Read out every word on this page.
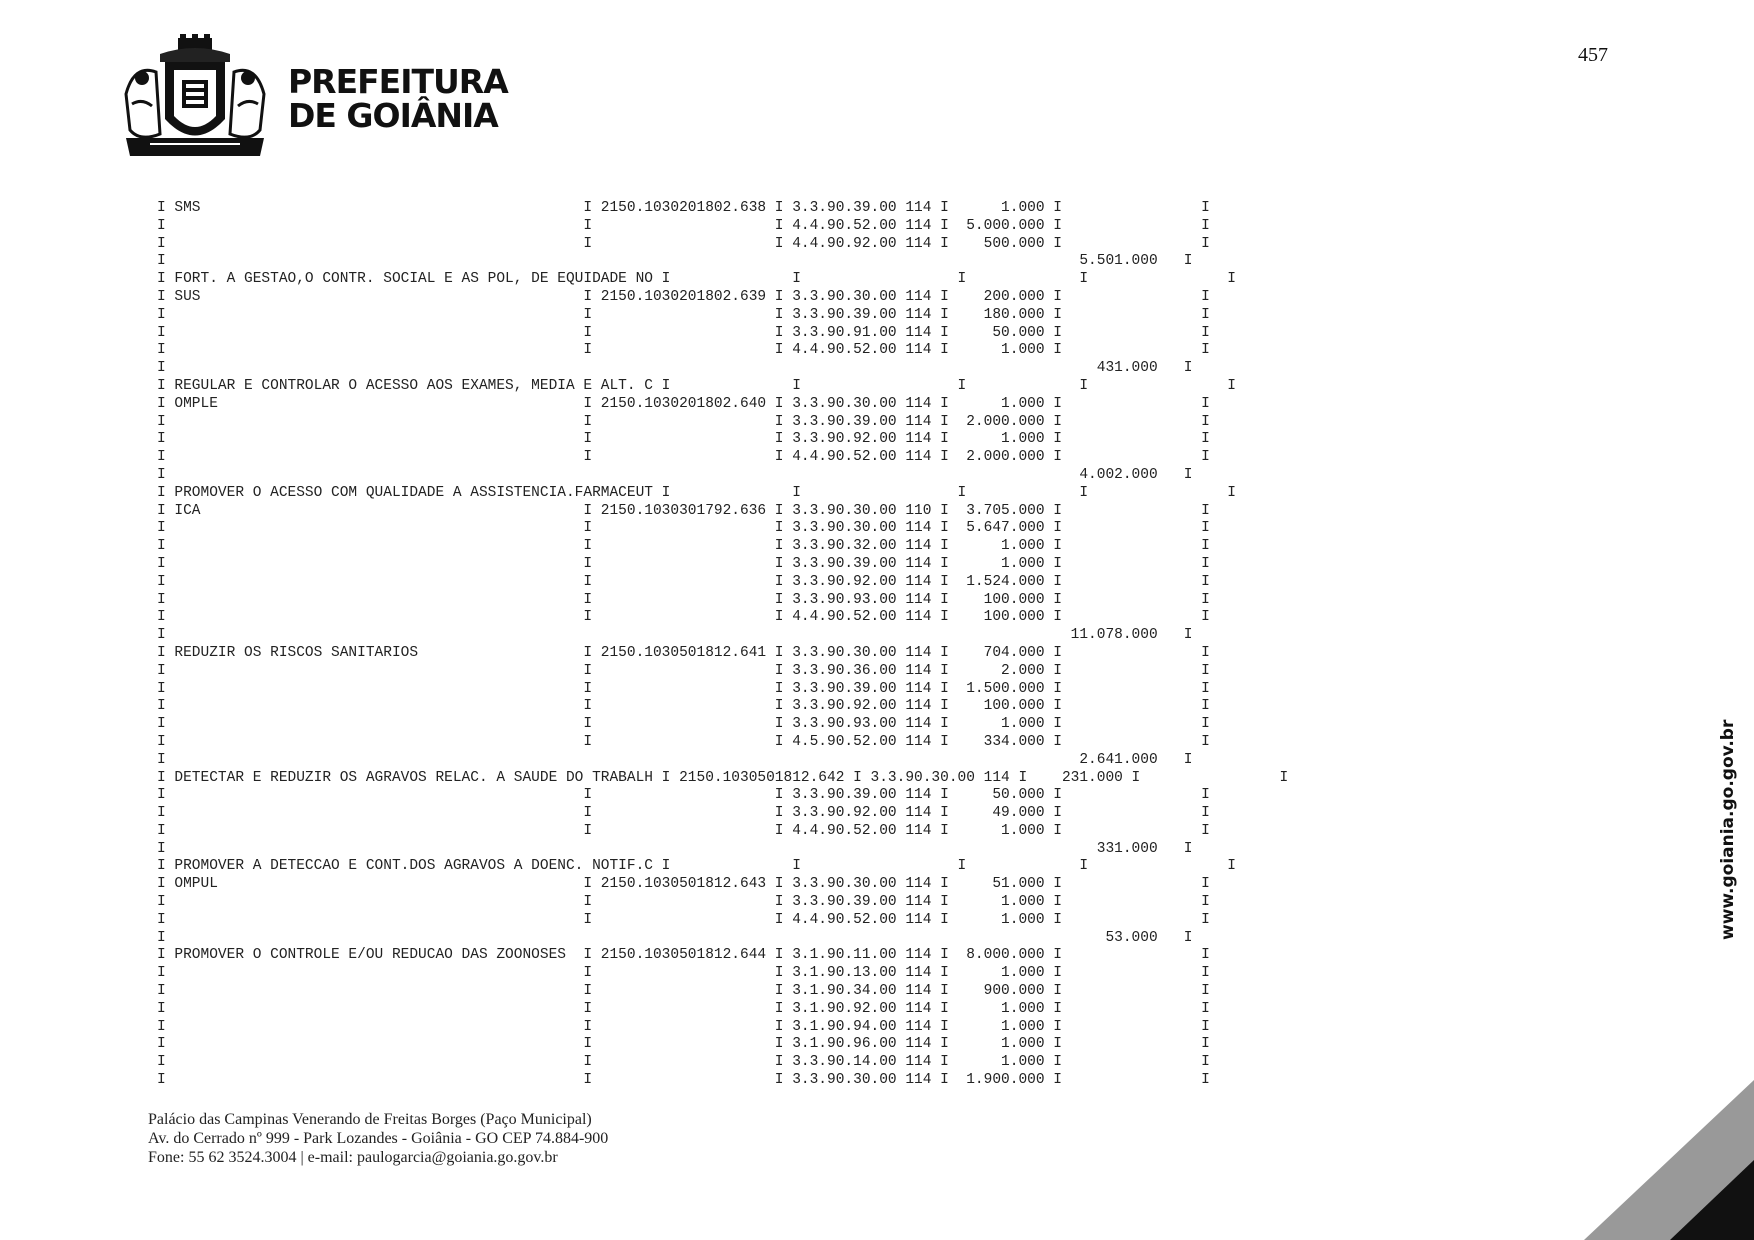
457
PREFEITURA
DE GOIÂNIA
I SMS                                            I 2150.1030201802.638 I 3.3.90.39.00 114 I      1.000 I                I
I                                                I                     I 4.4.90.52.00 114 I  5.000.000 I                I
I                                                I                     I 4.4.90.92.00 114 I    500.000 I                I
I                                                                                                         5.501.000   I
I FORT. A GESTAO,O CONTR. SOCIAL E AS POL, DE EQUIDADE NO I              I                  I             I                I
I SUS                                            I 2150.1030201802.639 I 3.3.90.30.00 114 I    200.000 I                I
I                                                I                     I 3.3.90.39.00 114 I    180.000 I                I
I                                                I                     I 3.3.90.91.00 114 I     50.000 I                I
I                                                I                     I 4.4.90.52.00 114 I      1.000 I                I
I                                                                                                           431.000   I
I REGULAR E CONTROLAR O ACESSO AOS EXAMES, MEDIA E ALT. C I              I                  I             I                I
I OMPLE                                          I 2150.1030201802.640 I 3.3.90.30.00 114 I      1.000 I                I
I                                                I                     I 3.3.90.39.00 114 I  2.000.000 I                I
I                                                I                     I 3.3.90.92.00 114 I      1.000 I                I
I                                                I                     I 4.4.90.52.00 114 I  2.000.000 I                I
I                                                                                                         4.002.000   I
I PROMOVER O ACESSO COM QUALIDADE A ASSISTENCIA.FARMACEUT I              I                  I             I                I
I ICA                                            I 2150.1030301792.636 I 3.3.90.30.00 110 I  3.705.000 I                I
I                                                I                     I 3.3.90.30.00 114 I  5.647.000 I                I
I                                                I                     I 3.3.90.32.00 114 I      1.000 I                I
I                                                I                     I 3.3.90.39.00 114 I      1.000 I                I
I                                                I                     I 3.3.90.92.00 114 I  1.524.000 I                I
I                                                I                     I 3.3.90.93.00 114 I    100.000 I                I
I                                                I                     I 4.4.90.52.00 114 I    100.000 I                I
I                                                                                                        11.078.000   I
I REDUZIR OS RISCOS SANITARIOS                   I 2150.1030501812.641 I 3.3.90.30.00 114 I    704.000 I                I
I                                                I                     I 3.3.90.36.00 114 I      2.000 I                I
I                                                I                     I 3.3.90.39.00 114 I  1.500.000 I                I
I                                                I                     I 3.3.90.92.00 114 I    100.000 I                I
I                                                I                     I 3.3.90.93.00 114 I      1.000 I                I
I                                                I                     I 4.5.90.52.00 114 I    334.000 I                I
I                                                                                                         2.641.000   I
I DETECTAR E REDUZIR OS AGRAVOS RELAC. A SAUDE DO TRABALH I 2150.1030501812.642 I 3.3.90.30.00 114 I    231.000 I                I
I                                                I                     I 3.3.90.39.00 114 I     50.000 I                I
I                                                I                     I 3.3.90.92.00 114 I     49.000 I                I
I                                                I                     I 4.4.90.52.00 114 I      1.000 I                I
I                                                                                                           331.000   I
I PROMOVER A DETECCAO E CONT.DOS AGRAVOS A DOENC. NOTIF.C I              I                  I             I                I
I OMPUL                                          I 2150.1030501812.643 I 3.3.90.30.00 114 I     51.000 I                I
I                                                I                     I 3.3.90.39.00 114 I      1.000 I                I
I                                                I                     I 4.4.90.52.00 114 I      1.000 I                I
I                                                                                                            53.000   I
I PROMOVER O CONTROLE E/OU REDUCAO DAS ZOONOSES  I 2150.1030501812.644 I 3.1.90.11.00 114 I  8.000.000 I                I
I                                                I                     I 3.1.90.13.00 114 I      1.000 I                I
I                                                I                     I 3.1.90.34.00 114 I    900.000 I                I
I                                                I                     I 3.1.90.92.00 114 I      1.000 I                I
I                                                I                     I 3.1.90.94.00 114 I      1.000 I                I
I                                                I                     I 3.1.90.96.00 114 I      1.000 I                I
I                                                I                     I 3.3.90.14.00 114 I      1.000 I                I
I                                                I                     I 3.3.90.30.00 114 I  1.900.000 I                I
Palácio das Campinas Venerando de Freitas Borges (Paço Municipal)
Av. do Cerrado nº 999 - Park Lozandes - Goiânia - GO CEP 74.884-900
Fone: 55 62 3524.3004 | e-mail: paulogarcia@goiania.go.gov.br
www.goiania.go.gov.br
